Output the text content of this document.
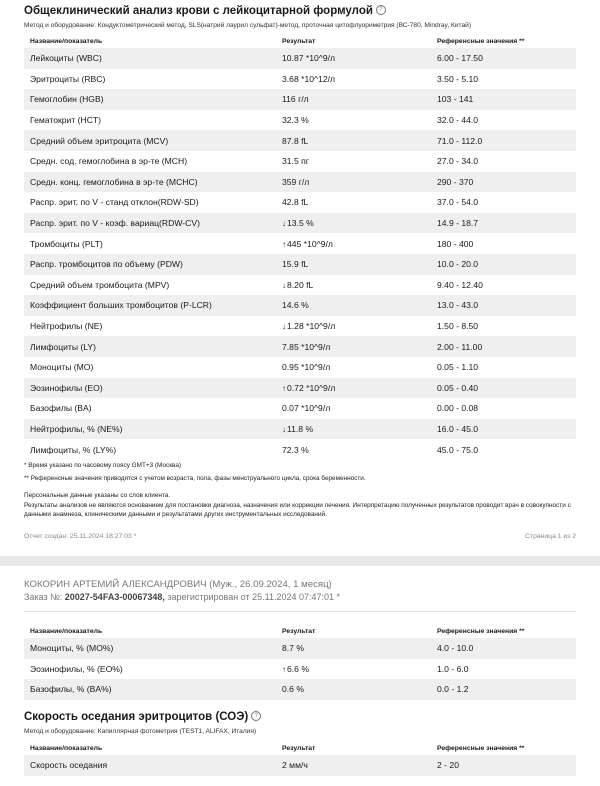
Общеклинический анализ крови с лейкоцитарной формулой ?
Метод и оборудование: Кондуктометрический метод, SLS(натрий лаурил сульфат)-метод, проточная цитофлуориметрия (ВС-780, Mindray, Китай)
Название/показатель	Результат	Референсные значения **
Лейкоциты (WBC)	10.87 *10^9/л	6.00 - 17.50
Эритроциты (RBC)	3.68 *10^12/л	3.50 - 5.10
Гемоглобин (HGB)	116 г/л	103 - 141
Гематокрит (HCT)	32.3 %	32.0 - 44.0
Средний объем эритроцита (MCV)	87.8 fL	71.0 - 112.0
Средн. сод. гемоглобина в эр-те (MCH)	31.5 пг	27.0 - 34.0
Средн. конц. гемоглобина в эр-те (MCHC)	359 г/л	290 - 370
Распр. эрит. по V - станд отклон(RDW-SD)	42.8 fL	37.0 - 54.0
Распр. эрит. по V - коэф. вариац(RDW-CV)	↓13.5 %	14.9 - 18.7
Тромбоциты (PLT)	↑445 *10^9/л	180 - 400
Распр. тромбоцитов по объему (PDW)	15.9 fL	10.0 - 20.0
Средний объем тромбоцита (MPV)	↓8.20 fL	9.40 - 12.40
Коэффициент больших тромбоцитов (P-LCR)	14.6 %	13.0 - 43.0
Нейтрофилы (NE)	↓1.28 *10^9/л	1.50 - 8.50
Лимфоциты (LY)	7.85 *10^9/л	2.00 - 11.00
Моноциты (MO)	0.95 *10^9/л	0.05 - 1.10
Эозинофилы (EO)	↑0.72 *10^9/л	0.05 - 0.40
Базофилы (BA)	0.07 *10^9/л	0.00 - 0.08
Нейтрофилы, % (NE%)	↓11.8 %	16.0 - 45.0
Лимфоциты, % (LY%)	72.3 %	45.0 - 75.0
* Время указано по часовому поясу GMT+3 (Москва)
** Референсные значения приводятся с учетом возраста, пола, фазы менструального цикла, срока беременности.
Персональные данные указаны со слов клиента.
Результаты анализов не являются основанием для постановки диагноза, назначения или коррекции лечения. Интерпретацию полученных результатов проводит врач в совокупности с данными анамнеза, клиническими данными и результатами других инструментальных исследований.
Отчет создан: 25.11.2024 18:27:03 *	Страница 1 из 2
КОКОРИН АРТЕМИЙ АЛЕКСАНДРОВИЧ (Муж., 26.09.2024, 1 месяц)
Заказ №: 20027-54FA3-00067348, зарегистрирован от 25.11.2024 07:47:01 *
Название/показатель	Результат	Референсные значения **
Моноциты, % (MO%)	8.7 %	4.0 - 10.0
Эозинофилы, % (EO%)	↑6.6 %	1.0 - 6.0
Базофилы, % (BA%)	0.6 %	0.0 - 1.2
Скорость оседания эритроцитов (СОЭ) ?
Метод и оборудование: Капиллярная фотометрия (TEST1, ALIFAX, Италия)
Название/показатель	Результат	Референсные значения **
Скорость оседания	2 мм/ч	2 - 20
